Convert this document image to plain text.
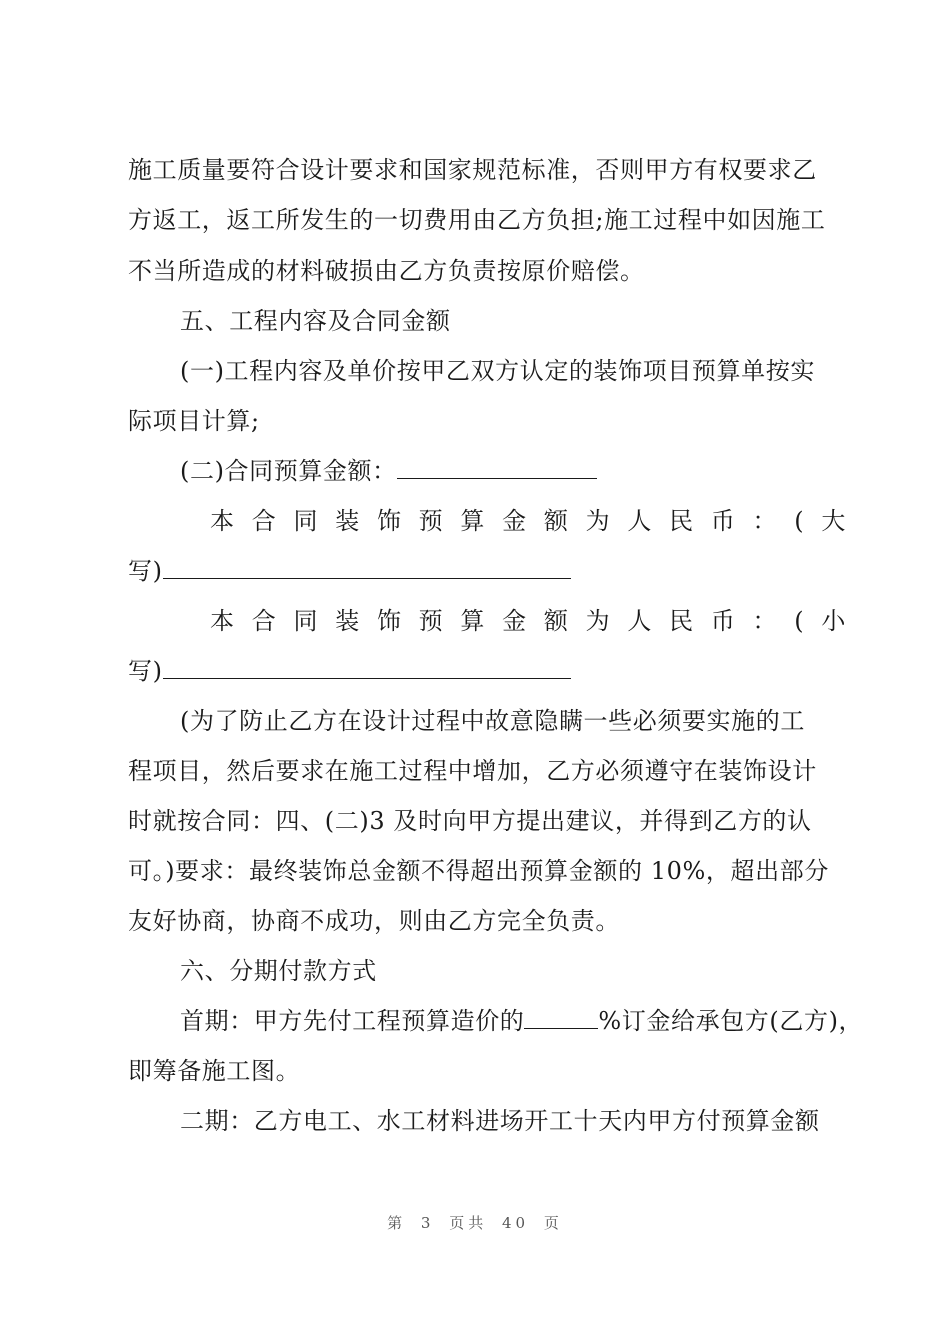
施工质量要符合设计要求和国家规范标准，否则甲方有权要求乙
方返工，返工所发生的一切费用由乙方负担;施工过程中如因施工
不当所造成的材料破损由乙方负责按原价赔偿。
五、工程内容及合同金额
(一)工程内容及单价按甲乙双方认定的装饰项目预算单按实
际项目计算;
(二)合同预算金额：
本 合 同 装 饰 预 算 金 额 为 人 民 币 ： ( 大
写)
本 合 同 装 饰 预 算 金 额 为 人 民 币 ： ( 小
写)
(为了防止乙方在设计过程中故意隐瞒一些必须要实施的工
程项目，然后要求在施工过程中增加，乙方必须遵守在装饰设计
时就按合同：四、(二)3 及时向甲方提出建议，并得到乙方的认
可。)要求：最终装饰总金额不得超出预算金额的 10%，超出部分
友好协商，协商不成功，则由乙方完全负责。
六、分期付款方式
首期：甲方先付工程预算造价的	%订金给承包方(乙方)，
即筹备施工图。
二期：乙方电工、水工材料进场开工十天内甲方付预算金额
第 3 页共 40 页
